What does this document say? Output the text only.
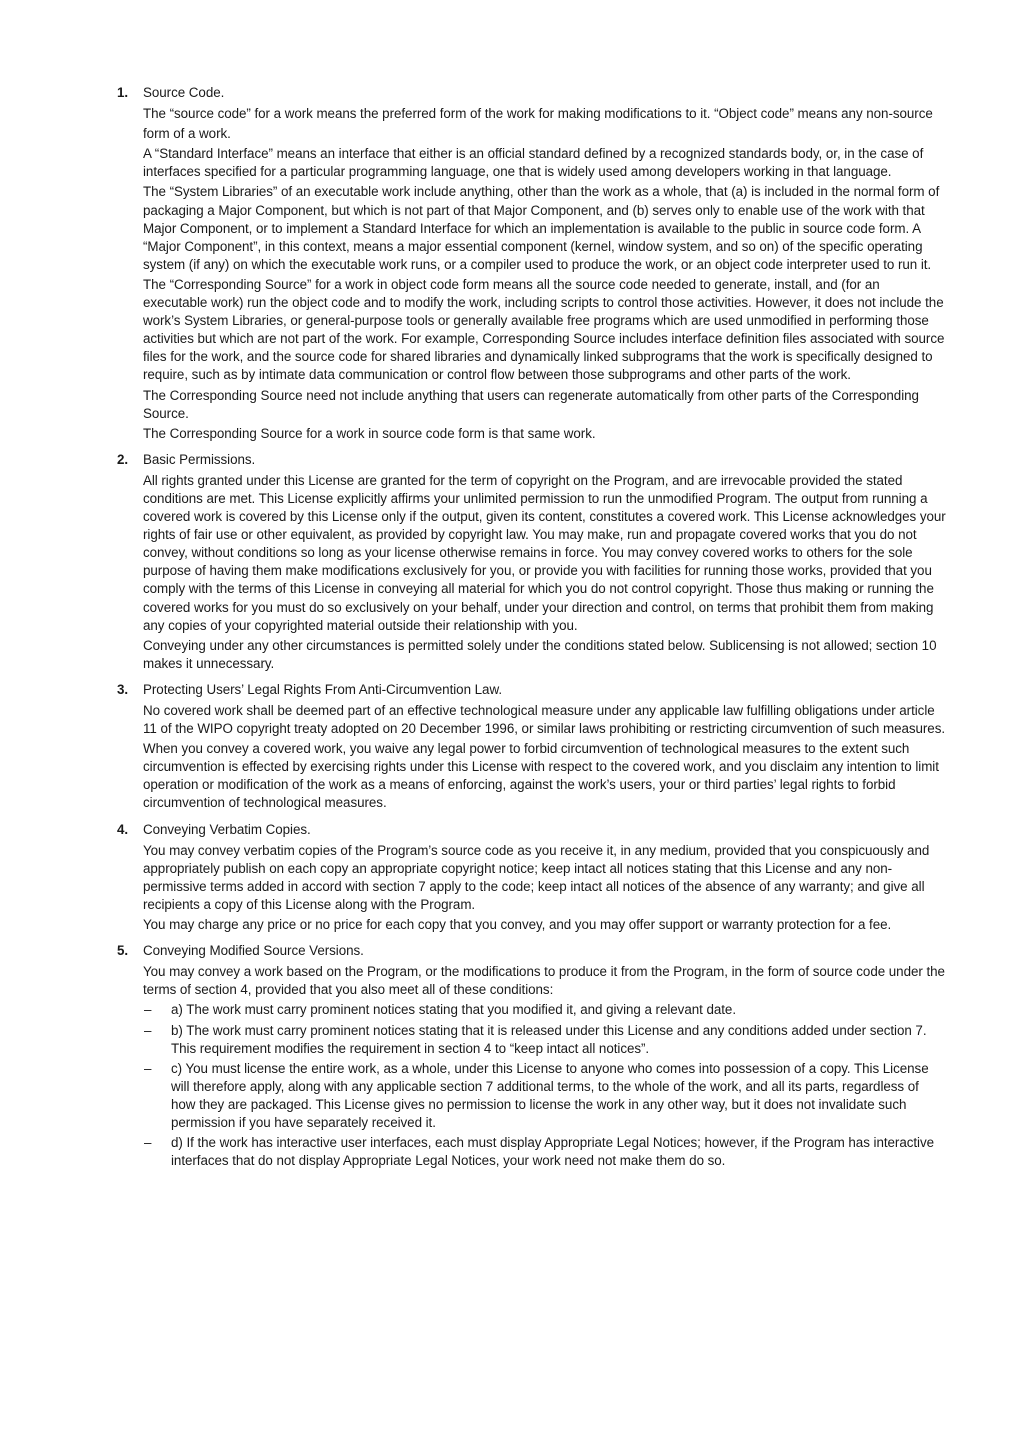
1. Source Code.
The “source code” for a work means the preferred form of the work for making modifications to it. “Object code” means any non-source
form of a work.
A “Standard Interface” means an interface that either is an official standard defined by a recognized standards body, or, in the case of interfaces specified for a particular programming language, one that is widely used among developers working in that language.
The “System Libraries” of an executable work include anything, other than the work as a whole, that (a) is included in the normal form of packaging a Major Component, but which is not part of that Major Component, and (b) serves only to enable use of the work with that Major Component, or to implement a Standard Interface for which an implementation is available to the public in source code form. A “Major Component”, in this context, means a major essential component (kernel, window system, and so on) of the specific operating system (if any) on which the executable work runs, or a compiler used to produce the work, or an object code interpreter used to run it.
The “Corresponding Source” for a work in object code form means all the source code needed to generate, install, and (for an executable work) run the object code and to modify the work, including scripts to control those activities. However, it does not include the work’s System Libraries, or general-purpose tools or generally available free programs which are used unmodified in performing those activities but which are not part of the work. For example, Corresponding Source includes interface definition files associated with source files for the work, and the source code for shared libraries and dynamically linked subprograms that the work is specifically designed to require, such as by intimate data communication or control flow between those subprograms and other parts of the work.
The Corresponding Source need not include anything that users can regenerate automatically from other parts of the Corresponding Source.
The Corresponding Source for a work in source code form is that same work.
2. Basic Permissions.
All rights granted under this License are granted for the term of copyright on the Program, and are irrevocable provided the stated conditions are met. This License explicitly affirms your unlimited permission to run the unmodified Program. The output from running a covered work is covered by this License only if the output, given its content, constitutes a covered work. This License acknowledges your rights of fair use or other equivalent, as provided by copyright law. You may make, run and propagate covered works that you do not convey, without conditions so long as your license otherwise remains in force. You may convey covered works to others for the sole purpose of having them make modifications exclusively for you, or provide you with facilities for running those works, provided that you comply with the terms of this License in conveying all material for which you do not control copyright. Those thus making or running the covered works for you must do so exclusively on your behalf, under your direction and control, on terms that prohibit them from making any copies of your copyrighted material outside their relationship with you.
Conveying under any other circumstances is permitted solely under the conditions stated below. Sublicensing is not allowed; section 10 makes it unnecessary.
3. Protecting Users’ Legal Rights From Anti-Circumvention Law.
No covered work shall be deemed part of an effective technological measure under any applicable law fulfilling obligations under article 11 of the WIPO copyright treaty adopted on 20 December 1996, or similar laws prohibiting or restricting circumvention of such measures.
When you convey a covered work, you waive any legal power to forbid circumvention of technological measures to the extent such circumvention is effected by exercising rights under this License with respect to the covered work, and you disclaim any intention to limit operation or modification of the work as a means of enforcing, against the work’s users, your or third parties’ legal rights to forbid circumvention of technological measures.
4. Conveying Verbatim Copies.
You may convey verbatim copies of the Program’s source code as you receive it, in any medium, provided that you conspicuously and appropriately publish on each copy an appropriate copyright notice; keep intact all notices stating that this License and any non-permissive terms added in accord with section 7 apply to the code; keep intact all notices of the absence of any warranty; and give all recipients a copy of this License along with the Program.
You may charge any price or no price for each copy that you convey, and you may offer support or warranty protection for a fee.
5. Conveying Modified Source Versions.
You may convey a work based on the Program, or the modifications to produce it from the Program, in the form of source code under the terms of section 4, provided that you also meet all of these conditions:
– a) The work must carry prominent notices stating that you modified it, and giving a relevant date.
– b) The work must carry prominent notices stating that it is released under this License and any conditions added under section 7. This requirement modifies the requirement in section 4 to “keep intact all notices”.
– c) You must license the entire work, as a whole, under this License to anyone who comes into possession of a copy. This License will therefore apply, along with any applicable section 7 additional terms, to the whole of the work, and all its parts, regardless of how they are packaged. This License gives no permission to license the work in any other way, but it does not invalidate such permission if you have separately received it.
– d) If the work has interactive user interfaces, each must display Appropriate Legal Notices; however, if the Program has interactive interfaces that do not display Appropriate Legal Notices, your work need not make them do so.
